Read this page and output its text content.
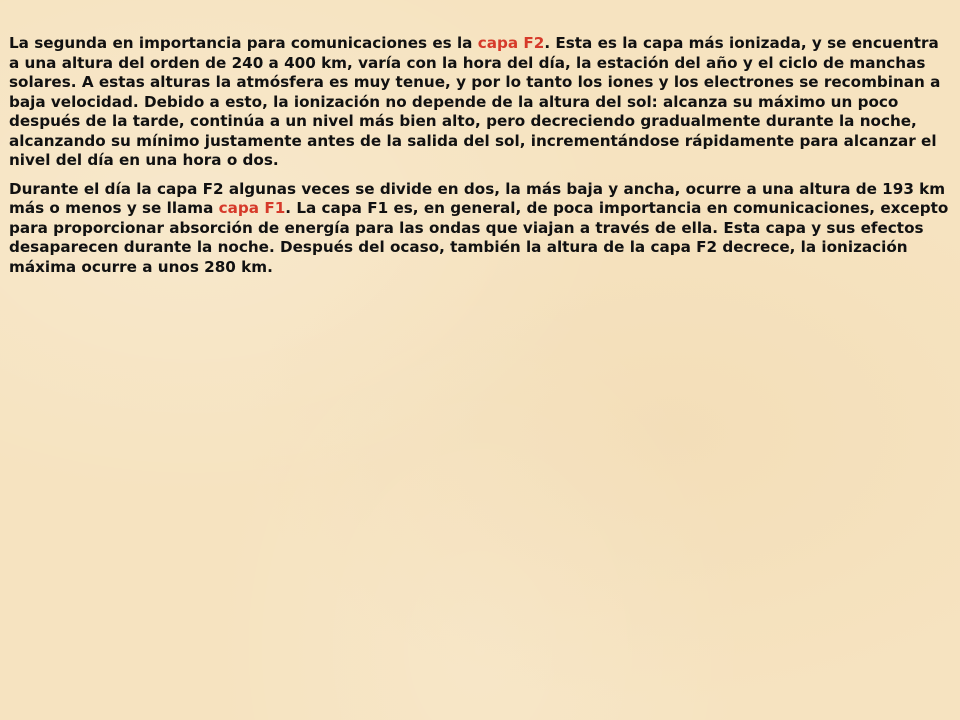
La segunda en importancia para comunicaciones es la capa F2. Esta es la capa más ionizada, y se encuentra a una altura del orden de 240 a 400 km, varía con la hora del día, la estación del año y el ciclo de manchas solares. A estas alturas la atmósfera es muy tenue, y por lo tanto los iones y los electrones se recombinan a baja velocidad. Debido a esto, la ionización no depende de la altura del sol: alcanza su máximo un poco después de la tarde, continúa a un nivel más bien alto, pero decreciendo gradualmente durante la noche, alcanzando su mínimo justamente antes de la salida del sol, incrementándose rápidamente para alcanzar el nivel del día en una hora o dos.

Durante el día la capa F2 algunas veces se divide en dos, la más baja y ancha, ocurre a una altura de 193 km más o menos y se llama capa F1. La capa F1 es, en general, de poca importancia en comunicaciones, excepto para proporcionar absorción de energía para las ondas que viajan a través de ella. Esta capa y sus efectos desaparecen durante la noche. Después del ocaso, también la altura de la capa F2 decrece, la ionización máxima ocurre a unos 280 km.
